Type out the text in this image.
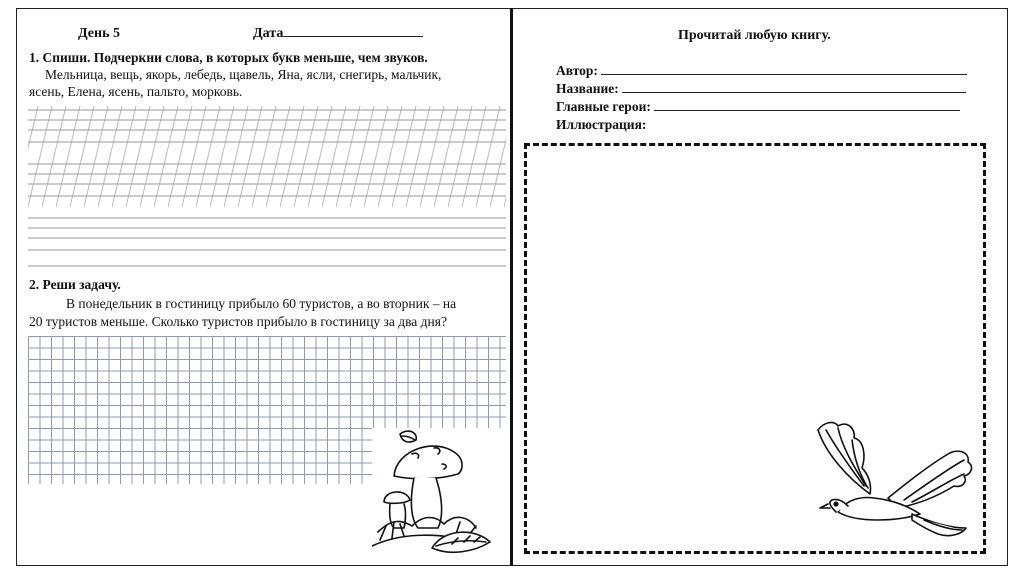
День 5	Дата
1. Спиши. Подчеркни слова, в которых букв меньше, чем звуков.
Мельница, вещь, якорь, лебедь, щавель, Яна, ясли, снегирь, мальчик,
ясень, Елена, ясень, пальто, морковь.
2. Реши задачу.
В понедельник в гостиницу прибыло 60 туристов, а во вторник – на
20 туристов меньше. Сколько туристов прибыло в гостиницу за два дня?
Прочитай любую книгу.
Автор:
Название:
Главные герои:
Иллюстрация:
